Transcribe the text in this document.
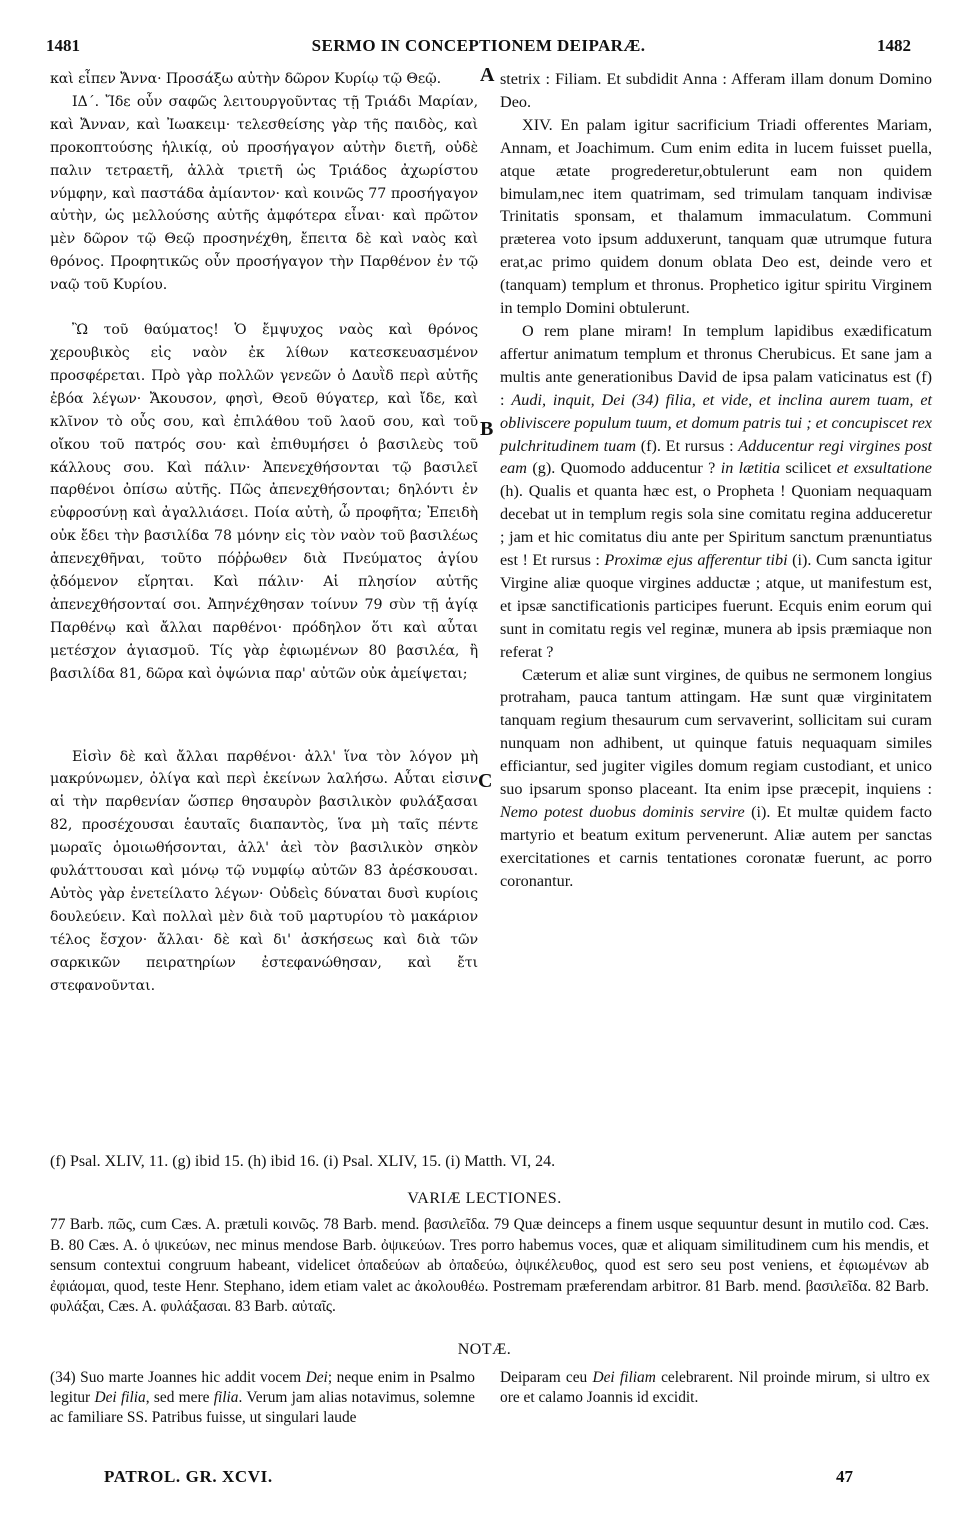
1481	SERMO IN CONCEPTIONEM DEIPARÆ.	1482
A
B
C

καὶ εἶπεν Ἄννα· Προσάξω αὐτὴν δῶρον Κυρίῳ τῷ Θεῷ.

ΙΔ΄. Ἴδε οὖν σαφῶς λειτουργοῦντας τῇ Τριάδι Μαρίαν, καὶ Ἄνναν, καὶ Ἰωακειμ· τελεσθείσης γὰρ τῆς παιδὸς, καὶ προκοπτούσης ἡλικίᾳ, οὐ προσήγαγον αὐτὴν διετῆ, οὐδὲ παλιν τετραετῆ, ἀλλὰ τριετῆ ὡς Τριάδος ἀχωρίστου νύμφην, καὶ παστάδα ἀμίαντον· καὶ κοινῶς 77 προσήγαγον αὐτὴν, ὡς μελλούσης αὐτῆς ἀμφότερα εἶναι· καὶ πρῶτον μὲν δῶρον τῷ Θεῷ προσηνέχθη, ἔπειτα δὲ καὶ ναὸς καὶ θρόνος. Προφητικῶς οὖν προσήγαγον τὴν Παρθένον ἐν τῷ ναῷ τοῦ Κυρίου.

Ὢ τοῦ θαύματος! Ὁ ἔμψυχος ναὸς καὶ θρόνος χερουβικὸς εἰς ναὸν ἐκ λίθων κατεσκευασμένον προσφέρεται. Πρὸ γὰρ πολλῶν γενεῶν ὁ Δαυῒδ περὶ αὐτῆς ἐβόα λέγων· Ἄκουσον, φησὶ, Θεοῦ θύγατερ, καὶ ἴδε, καὶ κλῖνον τὸ οὖς σου, καὶ ἐπιλάθου τοῦ λαοῦ σου, καὶ τοῦ οἴκου τοῦ πατρός σου· καὶ ἐπιθυμήσει ὁ βασιλεὺς τοῦ κάλλους σου. Καὶ πάλιν· Ἀπενεχθήσονται τῷ βασιλεῖ παρθένοι ὀπίσω αὐτῆς. Πῶς ἀπενεχθήσονται; δηλόντι ἐν εὐφροσύνῃ καὶ ἀγαλλιάσει. Ποία αὐτὴ, ὦ προφῆτα; Ἐπειδὴ οὐκ ἔδει τὴν βασιλίδα 78 μόνην εἰς τὸν ναὸν τοῦ βασιλέως ἀπενεχθῆναι, τοῦτο πόῤῥωθεν διὰ Πνεύματος ἁγίου ᾀδόμενον εἴρηται. Καὶ πάλιν· Αἱ πλησίον αὐτῆς ἀπενεχθήσονταί σοι. Ἀπηνέχθησαν τοίνυν 79 σὺν τῇ ἁγίᾳ Παρθένῳ καὶ ἄλλαι παρθένοι· πρόδηλον ὅτι καὶ αὗται μετέσχον ἁγιασμοῦ. Τίς γὰρ ἐφιωμένων 80 βασιλέα, ἢ βασιλίδα 81, δῶρα καὶ ὀψώνια παρ' αὐτῶν οὐκ ἀμείψεται;

Εἰσὶν δὲ καὶ ἄλλαι παρθένοι· ἀλλ' ἵνα τὸν λόγον μὴ μακρύνωμεν, ὀλίγα καὶ περὶ ἐκείνων λαλήσω. Αὗται εἰσιν αἱ τὴν παρθενίαν ὥσπερ θησαυρὸν βασιλικὸν φυλάξασαι 82, προσέχουσαι ἑαυταῖς διαπαντὸς, ἵνα μὴ ταῖς πέντε μωραῖς ὁμοιωθήσονται, ἀλλ' ἀεὶ τὸν βασιλικὸν σηκὸν φυλάττουσαι καὶ μόνῳ τῷ νυμφίῳ αὐτῶν 83 ἀρέσκουσαι. Αὐτὸς γὰρ ἐνετείλατο λέγων· Οὐδεὶς δύναται δυσὶ κυρίοις δουλεύειν. Καὶ πολλαὶ μὲν διὰ τοῦ μαρτυρίου τὸ μακάριον τέλος ἔσχον· ἄλλαι· δὲ καὶ δι' ἀσκήσεως καὶ διὰ τῶν σαρκικῶν πειρατηρίων ἐστεφανώθησαν, καὶ ἔτι στεφανοῦνται.

stetrix : Filiam. Et subdidit Anna : Afferam illam donum Domino Deo.

XIV. En palam igitur sacrificium Triadi offerentes Mariam, Annam, et Joachimum. Cum enim edita in lucem fuisset puella, atque ætate progrederetur,obtulerunt eam non quidem bimulam,nec item quatrimam, sed trimulam tanquam indivisæ Trinitatis sponsam, et thalamum immaculatum. Communi præterea voto ipsum adduxerunt, tanquam quæ utrumque futura erat,ac primo quidem donum oblata Deo est, deinde vero et (tanquam) templum et thronus. Prophetico igitur spiritu Virginem in templo Domini obtulerunt.

O rem plane miram! In templum lapidibus exædificatum affertur animatum templum et thronus Cherubicus. Et sane jam a multis ante generationibus David de ipsa palam vaticinatus est (f) : Audi, inquit, Dei (34) filia, et vide, et inclina aurem tuam, et obliviscere populum tuum, et domum patris tui ; et concupiscet rex pulchritudinem tuam (f). Et rursus : Adducentur regi virgines post eam (g). Quomodo adducentur ? in lætitia scilicet et exsultatione (h). Qualis et quanta hæc est, o Propheta ! Quoniam nequaquam decebat ut in templum regis sola sine comitatu regina adduceretur ; jam et hic comitatus diu ante per Spiritum sanctum prænuntiatus est ! Et rursus : Proximæ ejus afferentur tibi (i). Cum sancta igitur Virgine aliæ quoque virgines adductæ ; atque, ut manifestum est, et ipsæ sanctificationis participes fuerunt. Ecquis enim eorum qui sunt in comitatu regis vel reginæ, munera ab ipsis præmiaque non referat ?

Cæterum et aliæ sunt virgines, de quibus ne sermonem longius protraham, pauca tantum attingam. Hæ sunt quæ virginitatem tanquam regium thesaurum cum servaverint, sollicitam sui curam nunquam non adhibent, ut quinque fatuis nequaquam similes efficiantur, sed jugiter vigiles domum regiam custodiant, et unico suo ipsarum sponso placeant. Ita enim ipse præcepit, inquiens : Nemo potest duobus dominis servire (i). Et multæ quidem facto martyrio et beatum exitum pervenerunt. Aliæ autem per sanctas exercitationes et carnis tentationes coronatæ fuerunt, ac porro coronantur.

(f) Psal. XLIV, 11. (g) ibid 15. (h) ibid 16. (i) Psal. XLIV, 15. (i) Matth. VI, 24.
VARIÆ LECTIONES.
77 Barb. πῶς, cum Cæs. A. prætuli κοινῶς. 78 Barb. mend. βασιλεῖδα. 79 Quæ deinceps a finem usque sequuntur desunt in mutilo cod. Cæs. B. 80 Cæs. A. ὁ ψικεύων, nec minus mendose Barb. ὀψικεύων. Tres porro habemus voces, quæ et aliquam similitudinem cum his mendis, et sensum contextui congruum habeant, videlicet ὀπαδεύων ab ὀπαδεύω, ὀψικέλευθος, quod est sero seu post veniens, et ἐφιωμένων ab ἐφιάομαι, quod, teste Henr. Stephano, idem etiam valet ac ἀκολουθέω. Postremam præferendam arbitror. 81 Barb. mend. βασιλεῖδα. 82 Barb. φυλάξαι, Cæs. A. φυλάξασαι. 83 Barb. αὐταῖς.
NOTÆ.
(34) Suo marte Joannes hic addit vocem Dei; neque enim in Psalmo legitur Dei filia, sed mere filia. Verum jam alias notavimus, solemne ac familiare SS. Patribus fuisse, ut singulari laude
Deiparam ceu Dei filiam celebrarent. Nil proinde mirum, si ultro ex ore et calamo Joannis id excidit.
PATROL. GR. XCVI.	47
